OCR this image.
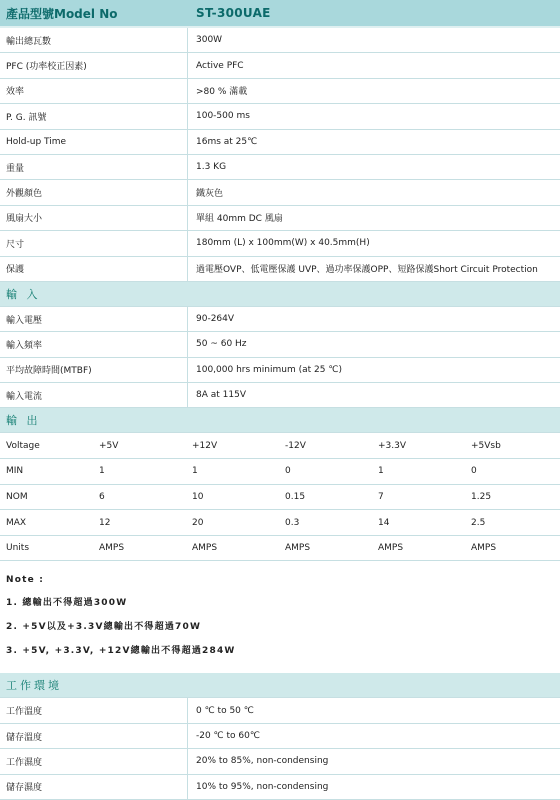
產品型號Model No	ST-300UAE
輸出總瓦數	300W
PFC (功率校正因素)	Active PFC
效率	>80 % 滿載
P. G. 訊號	100-500 ms
Hold-up Time	16ms at 25℃
重量	1.3 KG
外觀顏色	鐵灰色
風扇大小	單組 40mm DC 風扇
尺寸	180mm (L) x 100mm(W) x 40.5mm(H)
保護	過電壓OVP、低電壓保護 UVP、過功率保護OPP、短路保護Short Circuit Protection
輸 入
輸入電壓	90-264V
輸入頻率	50 ~ 60 Hz
平均故障時間(MTBF)	100,000 hrs minimum (at 25 ℃)
輸入電流	8A at 115V
輸 出
Voltage	+5V	+12V	-12V	+3.3V	+5Vsb
MIN	1	1	0	1	0
NOM	6	10	0.15	7	1.25
MAX	12	20	0.3	14	2.5
Units	AMPS	AMPS	AMPS	AMPS	AMPS
Note :
1. 總輸出不得超過300W
2. +5V以及+3.3V總輸出不得超過70W
3. +5V, +3.3V, +12V總輸出不得超過284W
工作環境
工作溫度	0 ℃ to 50 ℃
儲存溫度	-20 ℃ to 60℃
工作濕度	20% to 85%, non-condensing
儲存濕度	10% to 95%, non-condensing
